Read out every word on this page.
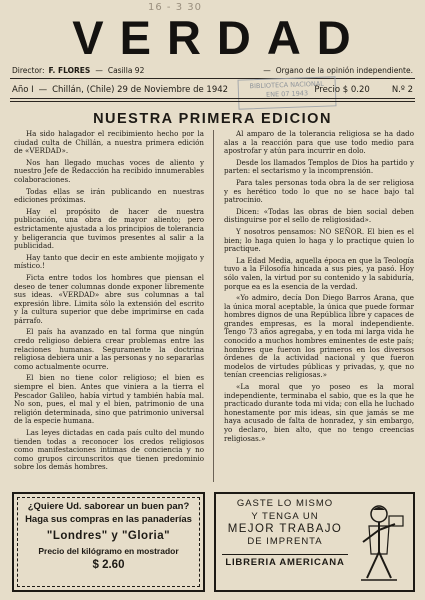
16 - 3 30
VERDAD
Director: F. FLORES — Casilla 92	— Organo de la opinión independiente.
BIBLIOTECA NACIONAL
ENE 07 1943
Año I — Chillán, (Chile) 29 de Noviembre de 1942	Precio $ 0.20	N.º 2
NUESTRA PRIMERA EDICION

Ha sido halagador el recibimiento hecho por la ciudad culta de Chillán, a nuestra primera edición de «VERDAD».

Nos han llegado muchas voces de aliento y nuestro Jefe de Redacción ha recibido innumerables colaboraciones.

Todas ellas se irán publicando en nuestras ediciones próximas.

Hay el propósito de hacer de nuestra publicación, una obra de mayor aliento; pero estrictamente ajustada a los principios de tolerancia y beligerancia que tuvimos presentes al salir a la publicidad.

Hay tanto que decir en este ambiente mojigato y místico.!

Ficta entre todos los hombres que piensan el deseo de tener columnas donde exponer libremente sus ideas. «VERDAD» abre sus columnas a tal expresión libre. Limita sólo la extensión del escrito y la cultura superior que debe imprimirse en cada párrafo.

El país ha avanzado en tal forma que ningún credo religioso debiera crear problemas entre las relaciones humanas. Seguramente la doctrina religiosa debiera unir a las personas y no separarlas como actualmente ocurre.

El bien no tiene color religioso; el bien es siempre el bien. Antes que viniera a la tierra el Pescador Galileo, había virtud y también había mal. No son, pues, el mal y el bien, patrimonio de una religión determinada, sino que patrimonio universal de la especie humana.

Las leyes dictadas en cada país culto del mundo tienden todas a reconocer los credos religiosos como manifestaciones íntimas de conciencia y no como grupos circunscritos que tienen predominio sobre los demás hombres.

Al amparo de la tolerancia religiosa se ha dado alas a la reacción para que use todo medio para apostrofar y atún para incurrir en dolo.

Desde los llamados Templos de Dios ha partido y parten: el sectarismo y la incomprensión.

Para tales personas toda obra la de ser religiosa y es herético todo lo que no se hace bajo tal patrocinio.

Dicen: «Todas las obras de bien social deben distinguirse por el sello de religiosidad».

Y nosotros pensamos: NO SEÑOR. El bien es el bien; lo haga quien lo haga y lo practique quien lo practique.

La Edad Media, aquella época en que la Teología tuvo a la Filosofía hincada a sus pies, ya pasó. Hoy sólo valen, la virtud por su contenido y la sabiduría, porque ea es la esencia de la verdad.

«Yo admiro, decía Don Diego Barros Arana, que la única moral aceptable, la única que puede formar hombres dignos de una República libre y capaces de grandes empresas, es la moral independiente. Tengo 73 años agregaba, y en toda mi larga vida he conocido a muchos hombres eminentes de este país; hombres que fueron los primeros en los diversos órdenes de la actividad nacional y que fueron modelos de virtudes públicas y privadas, y, que no tenían creencias religiosas.»

«La moral que yo poseo es la moral independiente, terminaba el sabio, que es la que he practicado durante toda mi vida; con ella he luchado honestamente por mis ideas, sin que jamás se me haya acusado de falta de honradez, y sin embargo, yo declaro, bien alto, que no tengo creencias religiosas.»

¿Quiere Ud. saborear un buen pan?
Haga sus compras en las panaderías
"Londres" y "Gloria"
Precio del kilógramo en mostrador
$ 2.60
GASTE LO MISMO
Y TENGA UN
MEJOR TRABAJO
DE IMPRENTA
LIBRERIA AMERICANA
